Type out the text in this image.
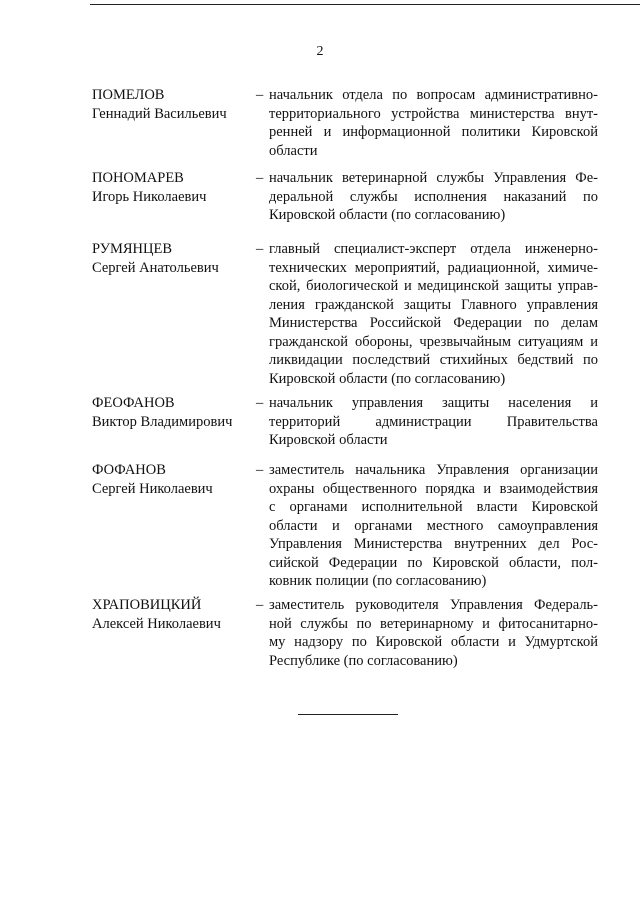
2
ПОМЕЛОВ
Геннадий Васильевич
– начальник отдела по вопросам административно-
территориального устройства министерства внут-
ренней и информационной политики Кировской
области
ПОНОМАРЕВ
Игорь Николаевич
– начальник ветеринарной службы Управления Фе-
деральной службы исполнения наказаний по
Кировской области (по согласованию)
РУМЯНЦЕВ
Сергей Анатольевич
– главный специалист-эксперт отдела инженерно-
технических мероприятий, радиационной, химиче-
ской, биологической и медицинской защиты управ-
ления гражданской защиты Главного управления
Министерства Российской Федерации по делам
гражданской обороны, чрезвычайным ситуациям и
ликвидации последствий стихийных бедствий по
Кировской области (по согласованию)
ФЕОФАНОВ
Виктор Владимирович
– начальник управления защиты населения и
территорий администрации Правительства
Кировской области
ФОФАНОВ
Сергей Николаевич
– заместитель начальника Управления организации
охраны общественного порядка и взаимодействия
с органами исполнительной власти Кировской
области и органами местного самоуправления
Управления Министерства внутренних дел Рос-
сийской Федерации по Кировской области, пол-
ковник полиции (по согласованию)
ХРАПОВИЦКИЙ
Алексей Николаевич
– заместитель руководителя Управления Федераль-
ной службы по ветеринарному и фитосанитарно-
му надзору по Кировской области и Удмуртской
Республике (по согласованию)
